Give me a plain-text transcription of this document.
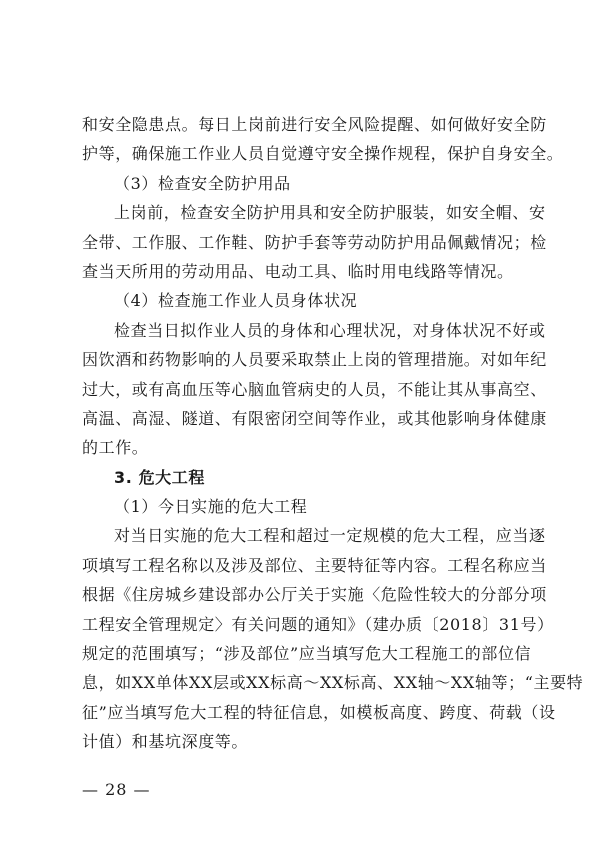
和安全隐患点。每日上岗前进行安全风险提醒、如何做好安全防
护等，确保施工作业人员自觉遵守安全操作规程，保护自身安全。
（3）检查安全防护用品
上岗前，检查安全防护用具和安全防护服装，如安全帽、安
全带、工作服、工作鞋、防护手套等劳动防护用品佩戴情况；检
查当天所用的劳动用品、电动工具、临时用电线路等情况。
（4）检查施工作业人员身体状况
检查当日拟作业人员的身体和心理状况，对身体状况不好或
因饮酒和药物影响的人员要采取禁止上岗的管理措施。对如年纪
过大，或有高血压等心脑血管病史的人员，不能让其从事高空、
高温、高湿、隧道、有限密闭空间等作业，或其他影响身体健康
的工作。
3. 危大工程
（1）今日实施的危大工程
对当日实施的危大工程和超过一定规模的危大工程，应当逐
项填写工程名称以及涉及部位、主要特征等内容。工程名称应当
根据《住房城乡建设部办公厅关于实施〈危险性较大的分部分项
工程安全管理规定〉有关问题的通知》（建办质〔2018〕31号）
规定的范围填写；“涉及部位”应当填写危大工程施工的部位信
息，如XX单体XX层或XX标高～XX标高、XX轴～XX轴等；“主要特
征”应当填写危大工程的特征信息，如模板高度、跨度、荷载（设
计值）和基坑深度等。
— 28 —
